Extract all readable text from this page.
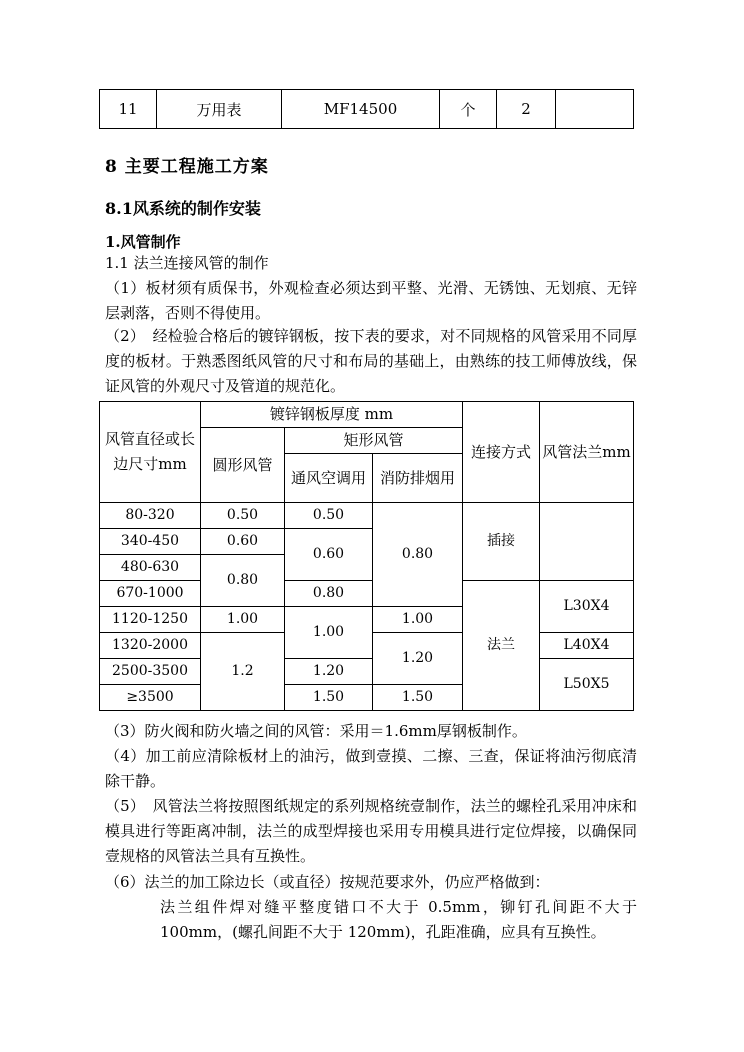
11	万用表	MF14500	个	2	
8 主要工程施工方案
8.1风系统的制作安装
1.风管制作
1.1 法兰连接风管的制作
（1）板材须有质保书，外观检查必须达到平整、光滑、无锈蚀、无划痕、无锌层剥落，否则不得使用。
（2）　经检验合格后的镀锌钢板，按下表的要求，对不同规格的风管采用不同厚度的板材。于熟悉图纸风管的尺寸和布局的基础上，由熟练的技工师傅放线，保证风管的外观尺寸及管道的规范化。
风管直径或长边尺寸mm	镀锌钢板厚度 mm			连接方式	风管法兰mm
	圆形风管	矩形风管			
		通风空调用	消防排烟用		
80-320	0.50	0.50	0.80	插接	
340-450	0.60	0.60			
480-630	0.80				
670-1000		0.80		法兰	L30X4
1120-1250	1.00	1.00	1.00		
1320-2000	1.2		1.20		L40X4
2500-3500		1.20			L50X5
≥3500		1.50	1.50		
（3）防火阀和防火墙之间的风管：采用＝1.6mm厚钢板制作。
（4）加工前应清除板材上的油污，做到壹摸、二擦、三查，保证将油污彻底清除干静。
（5）　风管法兰将按照图纸规定的系列规格统壹制作，法兰的螺栓孔采用冲床和模具进行等距离冲制，法兰的成型焊接也采用专用模具进行定位焊接，以确保同壹规格的风管法兰具有互换性。
（6）法兰的加工除边长（或直径）按规范要求外，仍应严格做到：
法兰组件焊对缝平整度错口不大于 0.5mm，铆钉孔间距不大于100mm，(螺孔间距不大于 120mm)，孔距准确，应具有互换性。
